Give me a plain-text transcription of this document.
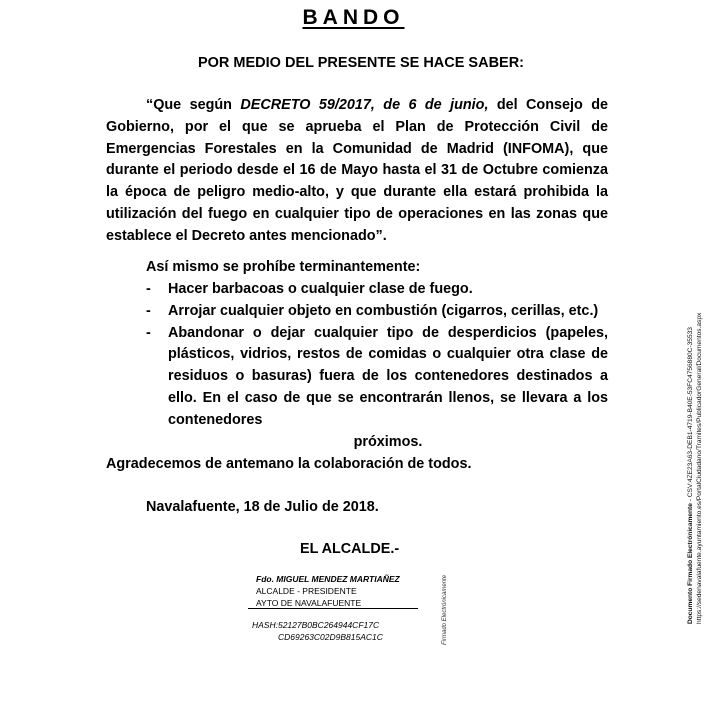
BANDO
POR MEDIO DEL PRESENTE SE HACE SABER:
“Que según DECRETO 59/2017, de 6 de junio, del Consejo de Gobierno, por el que se aprueba el Plan de Protección Civil de Emergencias Forestales en la Comunidad de Madrid (INFOMA), que durante el periodo desde el 16 de Mayo hasta el 31 de Octubre comienza la época de peligro medio-alto, y que durante ella estará prohibida la utilización del fuego en cualquier tipo de operaciones en las zonas que establece el Decreto antes mencionado”.
Así mismo se prohíbe terminantemente:
- Hacer barbacoas o cualquier clase de fuego.
- Arrojar cualquier objeto en combustión (cigarros, cerillas, etc.)
- Abandonar o dejar cualquier tipo de desperdicios (papeles, plásticos, vidrios, restos de comidas o cualquier otra clase de residuos o basuras) fuera de los contenedores destinados a ello. En el caso de que se encontrarán llenos, se llevara a los contenedores
próximos.
Agradecemos de antemano la colaboración de todos.
Navalafuente, 18 de Julio de 2018.
EL ALCALDE.-
Fdo. MIGUEL MENDEZ MARTIAÑEZ
ALCALDE - PRESIDENTE
AYTO DE NAVALAFUENTE
HASH:52127B0BC264944CF17C
CD69263C02D9B815AC1C	Firmado Electrónicamente	Documento Firmado Electrónicamente - CSV:4ZE23A63-DEB1-4719-B40E-53FC4756880C-35533 https://sedenavalafuente.ayuntamiento.es/PortalCiudadano/Tramites/PublicadorGeneral/Documentos.aspx
